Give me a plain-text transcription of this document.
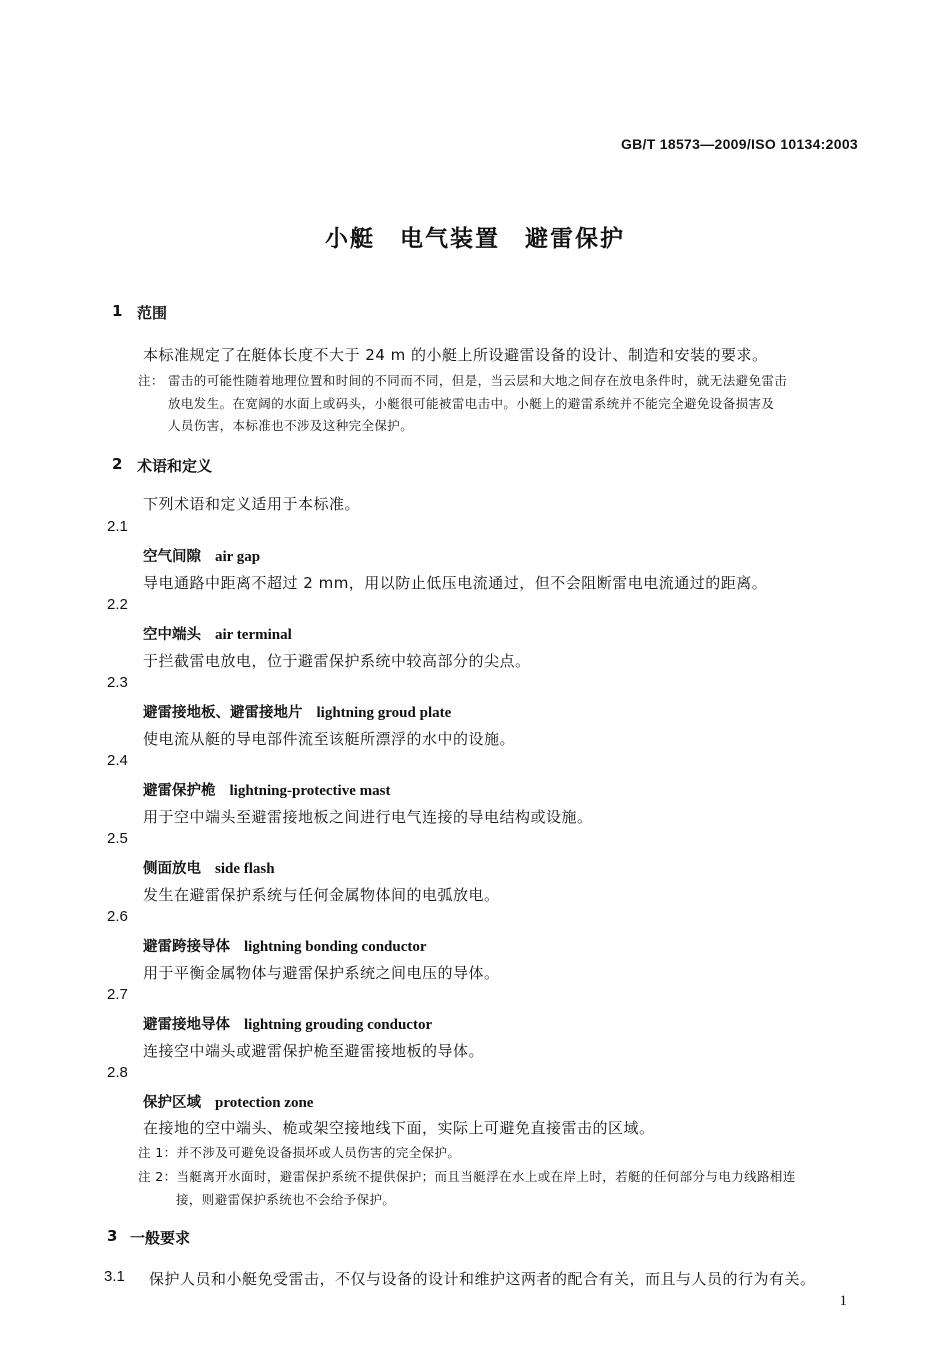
GB/T 18573—2009/ISO 10134:2003
小艇　电气装置　避雷保护
1 范围
本标准规定了在艇体长度不大于 24 m 的小艇上所设避雷设备的设计、制造和安装的要求。
注： 雷击的可能性随着地理位置和时间的不同而不同，但是，当云层和大地之间存在放电条件时，就无法避免雷击
放电发生。在宽阔的水面上或码头，小艇很可能被雷电击中。小艇上的避雷系统并不能完全避免设备损害及
人员伤害，本标准也不涉及这种完全保护。
2 术语和定义
下列术语和定义适用于本标准。
2.1
空气间隙 air gap
导电通路中距离不超过 2 mm，用以防止低压电流通过，但不会阻断雷电电流通过的距离。
2.2
空中端头 air terminal
于拦截雷电放电，位于避雷保护系统中较高部分的尖点。
2.3
避雷接地板、避雷接地片 lightning groud plate
使电流从艇的导电部件流至该艇所漂浮的水中的设施。
2.4
避雷保护桅 lightning-protective mast
用于空中端头至避雷接地板之间进行电气连接的导电结构或设施。
2.5
侧面放电 side flash
发生在避雷保护系统与任何金属物体间的电弧放电。
2.6
避雷跨接导体 lightning bonding conductor
用于平衡金属物体与避雷保护系统之间电压的导体。
2.7
避雷接地导体 lightning grouding conductor
连接空中端头或避雷保护桅至避雷接地板的导体。
2.8
保护区域 protection zone
在接地的空中端头、桅或架空接地线下面，实际上可避免直接雷击的区域。
注 1：并不涉及可避免设备损坏或人员伤害的完全保护。
注 2：当艇离开水面时，避雷保护系统不提供保护；而且当艇浮在水上或在岸上时，若艇的任何部分与电力线路相连
接，则避雷保护系统也不会给予保护。
3 一般要求
3.1 保护人员和小艇免受雷击，不仅与设备的设计和维护这两者的配合有关，而且与人员的行为有关。
1
